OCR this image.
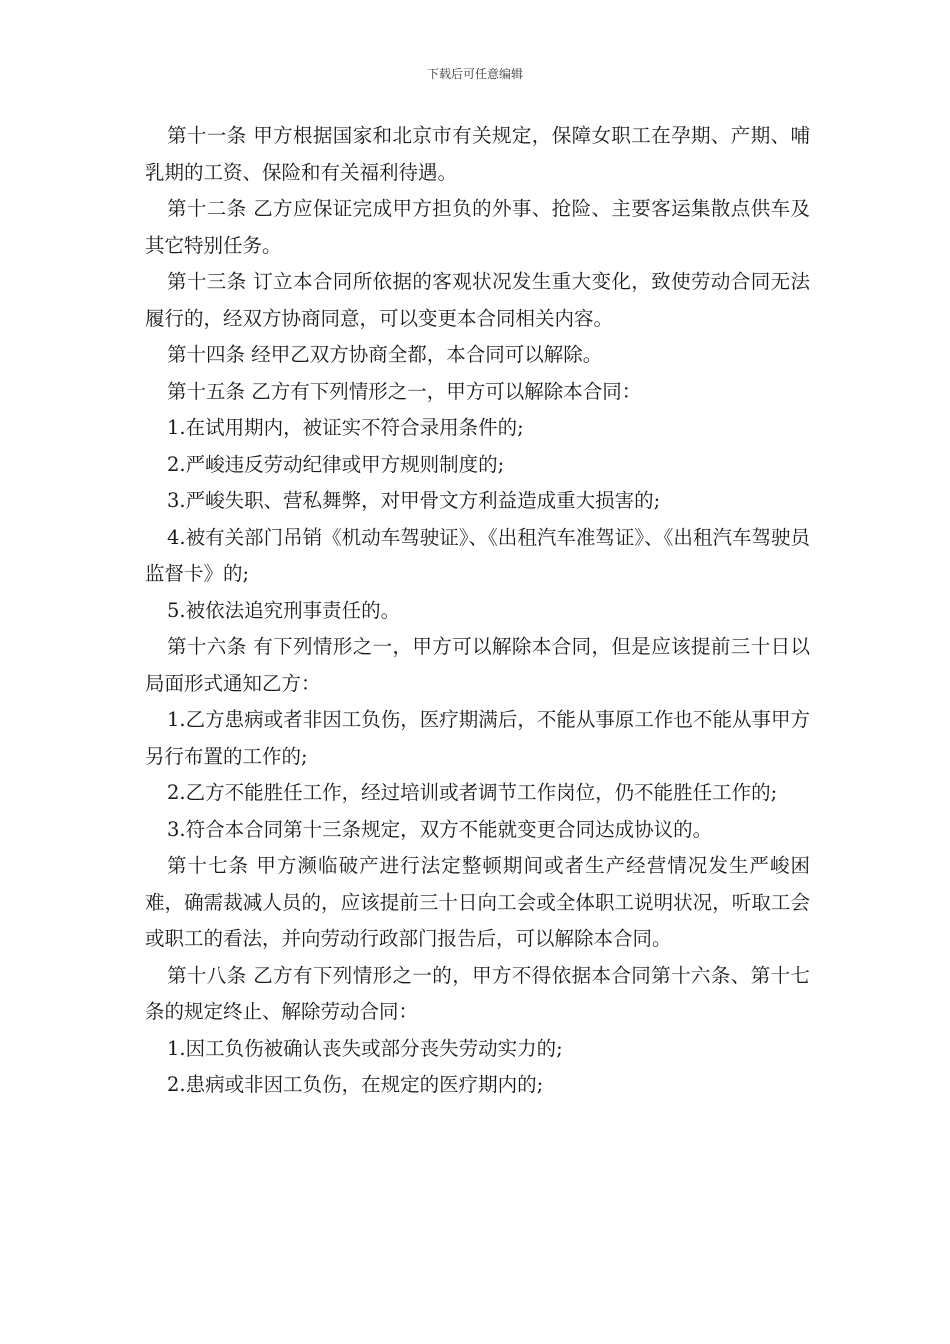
下载后可任意编辑

第十一条 甲方根据国家和北京市有关规定，保障女职工在孕期、产期、哺乳期的工资、保险和有关福利待遇。

第十二条 乙方应保证完成甲方担负的外事、抢险、主要客运集散点供车及其它特别任务。

第十三条 订立本合同所依据的客观状况发生重大变化，致使劳动合同无法履行的，经双方协商同意，可以变更本合同相关内容。

第十四条 经甲乙双方协商全都，本合同可以解除。

第十五条 乙方有下列情形之一，甲方可以解除本合同：

1.在试用期内，被证实不符合录用条件的;

2.严峻违反劳动纪律或甲方规则制度的;

3.严峻失职、营私舞弊，对甲骨文方利益造成重大损害的;

4.被有关部门吊销《机动车驾驶证》、《出租汽车准驾证》、《出租汽车驾驶员监督卡》的;

5.被依法追究刑事责任的。

第十六条 有下列情形之一，甲方可以解除本合同，但是应该提前三十日以局面形式通知乙方：

1.乙方患病或者非因工负伤，医疗期满后，不能从事原工作也不能从事甲方另行布置的工作的;

2.乙方不能胜任工作，经过培训或者调节工作岗位，仍不能胜任工作的;

3.符合本合同第十三条规定，双方不能就变更合同达成协议的。

第十七条 甲方濒临破产进行法定整顿期间或者生产经营情况发生严峻困难，确需裁减人员的，应该提前三十日向工会或全体职工说明状况，听取工会或职工的看法，并向劳动行政部门报告后，可以解除本合同。

第十八条 乙方有下列情形之一的，甲方不得依据本合同第十六条、第十七条的规定终止、解除劳动合同：

1.因工负伤被确认丧失或部分丧失劳动实力的;

2.患病或非因工负伤，在规定的医疗期内的;
